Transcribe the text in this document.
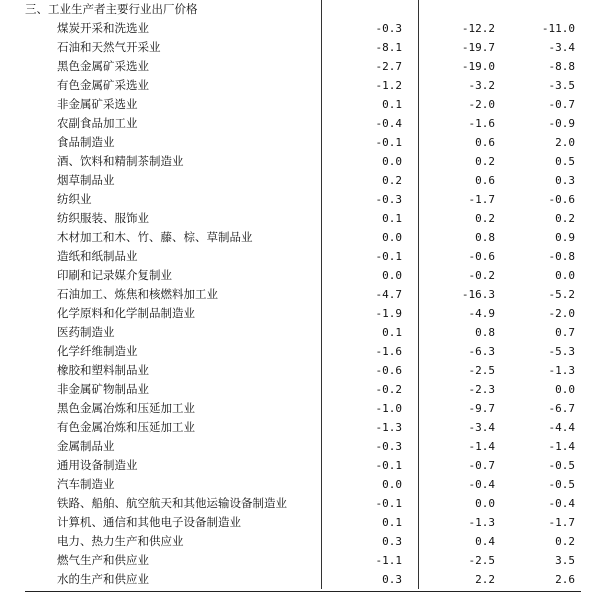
三、工业生产者主要行业出厂价格
煤炭开采和洗选业	-0.3	-12.2	-11.0
石油和天然气开采业	-8.1	-19.7	-3.4
黑色金属矿采选业	-2.7	-19.0	-8.8
有色金属矿采选业	-1.2	-3.2	-3.5
非金属矿采选业	0.1	-2.0	-0.7
农副食品加工业	-0.4	-1.6	-0.9
食品制造业	-0.1	0.6	2.0
酒、饮料和精制茶制造业	0.0	0.2	0.5
烟草制品业	0.2	0.6	0.3
纺织业	-0.3	-1.7	-0.6
纺织服装、服饰业	0.1	0.2	0.2
木材加工和木、竹、藤、棕、草制品业	0.0	0.8	0.9
造纸和纸制品业	-0.1	-0.6	-0.8
印刷和记录媒介复制业	0.0	-0.2	0.0
石油加工、炼焦和核燃料加工业	-4.7	-16.3	-5.2
化学原料和化学制品制造业	-1.9	-4.9	-2.0
医药制造业	0.1	0.8	0.7
化学纤维制造业	-1.6	-6.3	-5.3
橡胶和塑料制品业	-0.6	-2.5	-1.3
非金属矿物制品业	-0.2	-2.3	0.0
黑色金属冶炼和压延加工业	-1.0	-9.7	-6.7
有色金属冶炼和压延加工业	-1.3	-3.4	-4.4
金属制品业	-0.3	-1.4	-1.4
通用设备制造业	-0.1	-0.7	-0.5
汽车制造业	0.0	-0.4	-0.5
铁路、船舶、航空航天和其他运输设备制造业	-0.1	0.0	-0.4
计算机、通信和其他电子设备制造业	0.1	-1.3	-1.7
电力、热力生产和供应业	0.3	0.4	0.2
燃气生产和供应业	-1.1	-2.5	3.5
水的生产和供应业	0.3	2.2	2.6
